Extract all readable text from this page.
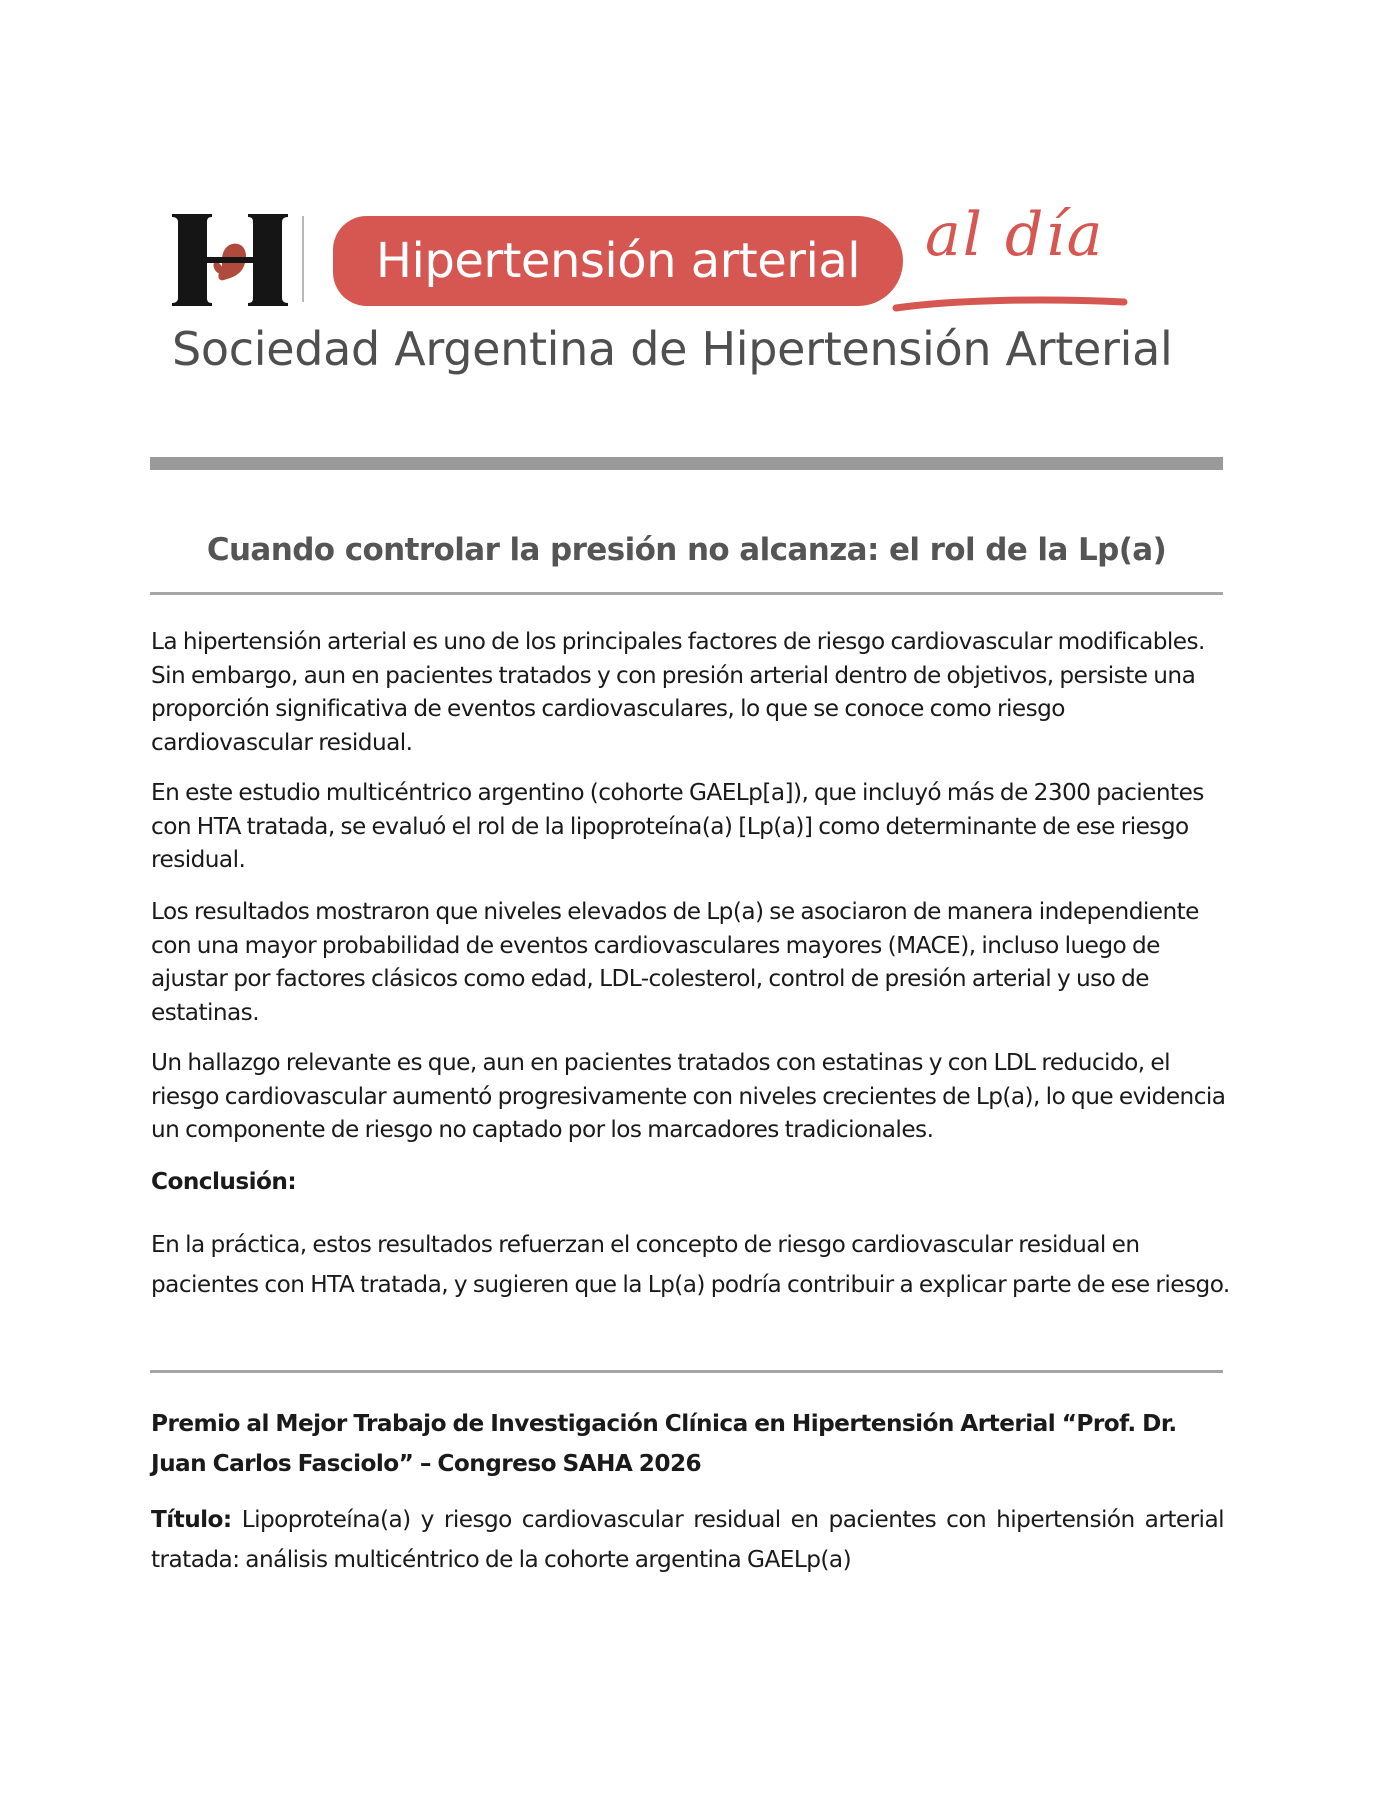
Hipertensión arterial al día
Sociedad Argentina de Hipertensión Arterial
Cuando controlar la presión no alcanza: el rol de la Lp(a)

La hipertensión arterial es uno de los principales factores de riesgo cardiovascular modificables. Sin embargo, aun en pacientes tratados y con presión arterial dentro de objetivos, persiste una proporción significativa de eventos cardiovasculares, lo que se conoce como riesgo cardiovascular residual.

En este estudio multicéntrico argentino (cohorte GAELp[a]), que incluyó más de 2300 pacientes con HTA tratada, se evaluó el rol de la lipoproteína(a) [Lp(a)] como determinante de ese riesgo residual.

Los resultados mostraron que niveles elevados de Lp(a) se asociaron de manera independiente con una mayor probabilidad de eventos cardiovasculares mayores (MACE), incluso luego de ajustar por factores clásicos como edad, LDL-colesterol, control de presión arterial y uso de estatinas.

Un hallazgo relevante es que, aun en pacientes tratados con estatinas y con LDL reducido, el riesgo cardiovascular aumentó progresivamente con niveles crecientes de Lp(a), lo que evidencia un componente de riesgo no captado por los marcadores tradicionales.

Conclusión:

En la práctica, estos resultados refuerzan el concepto de riesgo cardiovascular residual en pacientes con HTA tratada, y sugieren que la Lp(a) podría contribuir a explicar parte de ese riesgo.

Premio al Mejor Trabajo de Investigación Clínica en Hipertensión Arterial “Prof. Dr. Juan Carlos Fasciolo” – Congreso SAHA 2026
Título: Lipoproteína(a) y riesgo cardiovascular residual en pacientes con hipertensión arterial tratada: análisis multicéntrico de la cohorte argentina GAELp(a)
